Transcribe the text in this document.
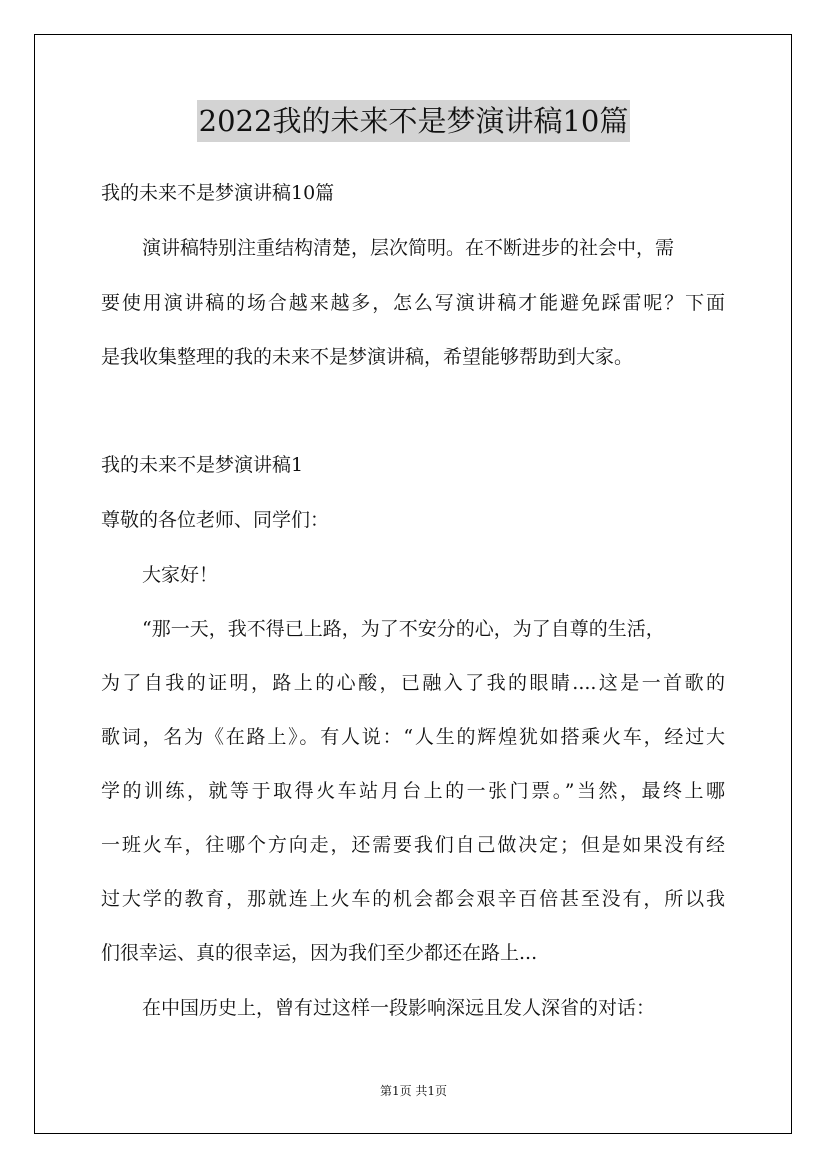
2022我的未来不是梦演讲稿10篇
我的未来不是梦演讲稿10篇
演讲稿特别注重结构清楚，层次简明。在不断进步的社会中，需
要使用演讲稿的场合越来越多，怎么写演讲稿才能避免踩雷呢？下面
是我收集整理的我的未来不是梦演讲稿，希望能够帮助到大家。
我的未来不是梦演讲稿1
尊敬的各位老师、同学们：
大家好！
“那一天，我不得已上路，为了不安分的心，为了自尊的生活，
为了自我的证明，路上的心酸，已融入了我的眼睛....这是一首歌的
歌词，名为《在路上》。有人说：“人生的辉煌犹如搭乘火车，经过大
学的训练，就等于取得火车站月台上的一张门票。”当然，最终上哪
一班火车，往哪个方向走，还需要我们自己做决定；但是如果没有经
过大学的教育，那就连上火车的机会都会艰辛百倍甚至没有，所以我
们很幸运、真的很幸运，因为我们至少都还在路上...
在中国历史上，曾有过这样一段影响深远且发人深省的对话：
第1页 共1页
